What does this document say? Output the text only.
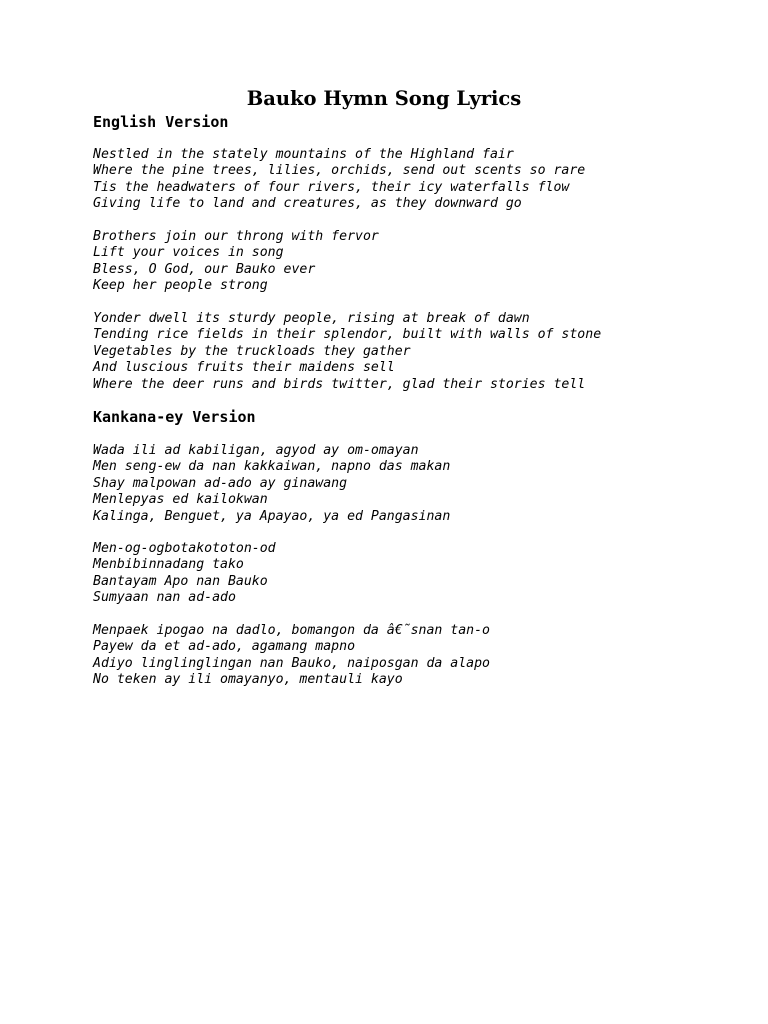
Bauko Hymn Song Lyrics
English Version
Nestled in the stately mountains of the Highland fair
Where the pine trees, lilies, orchids, send out scents so rare
Tis the headwaters of four rivers, their icy waterfalls flow
Giving life to land and creatures, as they downward go
Brothers join our throng with fervor
Lift your voices in song
Bless, O God, our Bauko ever
Keep her people strong
Yonder dwell its sturdy people, rising at break of dawn
Tending rice fields in their splendor, built with walls of stone
Vegetables by the truckloads they gather
And luscious fruits their maidens sell
Where the deer runs and birds twitter, glad their stories tell
Kankana-ey Version
Wada ili ad kabiligan, agyod ay om-omayan
Men seng-ew da nan kakkaiwan, napno das makan
Shay malpowan ad-ado ay ginawang
Menlepyas ed kailokwan
Kalinga, Benguet, ya Apayao, ya ed Pangasinan
Men-og-ogbotakototon-od
Menbibinnadang tako
Bantayam Apo nan Bauko
Sumyaan nan ad-ado
Menpaek ipogao na dadlo, bomangon da â€˜snan tan-o
Payew da et ad-ado, agamang mapno
Adiyo linglinglingan nan Bauko, naiposgan da alapo
No teken ay ili omayanyo, mentauli kayo
